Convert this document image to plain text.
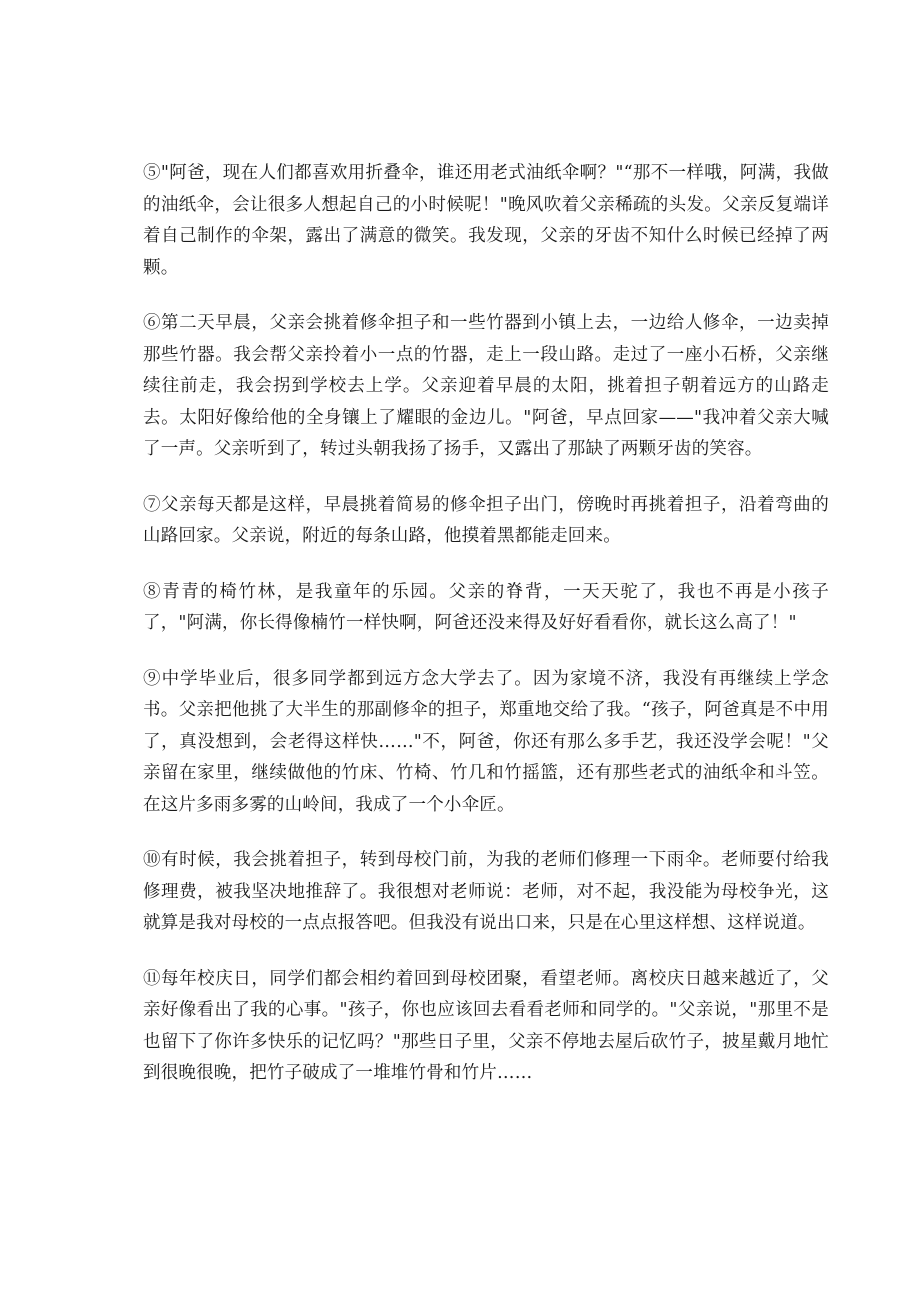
⑤"阿爸，现在人们都喜欢用折叠伞，谁还用老式油纸伞啊？"“那不一样哦，阿满，我做的油纸伞，会让很多人想起自己的小时候呢！"晚风吹着父亲稀疏的头发。父亲反复端详着自己制作的伞架，露出了满意的微笑。我发现，父亲的牙齿不知什么时候已经掉了两颗。

⑥第二天早晨，父亲会挑着修伞担子和一些竹器到小镇上去，一边给人修伞，一边卖掉那些竹器。我会帮父亲拎着小一点的竹器，走上一段山路。走过了一座小石桥，父亲继续往前走，我会拐到学校去上学。父亲迎着早晨的太阳，挑着担子朝着远方的山路走去。太阳好像给他的全身镶上了耀眼的金边儿。"阿爸，早点回家——"我冲着父亲大喊了一声。父亲听到了，转过头朝我扬了扬手，又露出了那缺了两颗牙齿的笑容。

⑦父亲每天都是这样，早晨挑着简易的修伞担子出门，傍晚时再挑着担子，沿着弯曲的山路回家。父亲说，附近的每条山路，他摸着黑都能走回来。

⑧青青的椅竹林，是我童年的乐园。父亲的脊背，一天天驼了，我也不再是小孩子了，"阿满，你长得像楠竹一样快啊，阿爸还没来得及好好看看你，就长这么高了！"

⑨中学毕业后，很多同学都到远方念大学去了。因为家境不济，我没有再继续上学念书。父亲把他挑了大半生的那副修伞的担子，郑重地交给了我。“孩子，阿爸真是不中用了，真没想到，会老得这样快……"不，阿爸，你还有那么多手艺，我还没学会呢！"父亲留在家里，继续做他的竹床、竹椅、竹几和竹摇篮，还有那些老式的油纸伞和斗笠。在这片多雨多雾的山岭间，我成了一个小伞匠。

⑩有时候，我会挑着担子，转到母校门前，为我的老师们修理一下雨伞。老师要付给我修理费，被我坚决地推辞了。我很想对老师说：老师，对不起，我没能为母校争光，这就算是我对母校的一点点报答吧。但我没有说出口来，只是在心里这样想、这样说道。

⑪每年校庆日，同学们都会相约着回到母校团聚，看望老师。离校庆日越来越近了，父亲好像看出了我的心事。"孩子，你也应该回去看看老师和同学的。"父亲说，"那里不是也留下了你许多快乐的记忆吗？"那些日子里，父亲不停地去屋后砍竹子，披星戴月地忙到很晚很晚，把竹子破成了一堆堆竹骨和竹片……
